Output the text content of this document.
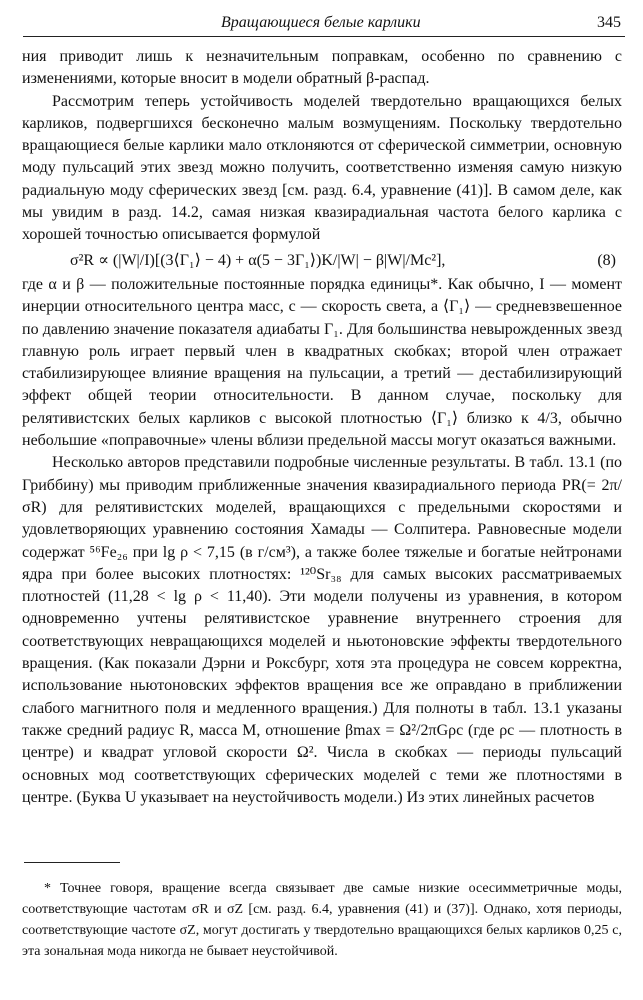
Вращающиеся белые карлики	345

ния приводит лишь к незначительным поправкам, особенно по сравнению с изменениями, которые вносит в модели обратный β-распад.

Рассмотрим теперь устойчивость моделей твердотельно вращающихся белых карликов, подвергшихся бесконечно малым возмущениям. Поскольку твердотельно вращающиеся белые карлики мало отклоняются от сферической симметрии, основную моду пульсаций этих звезд можно получить, соответственно изменяя самую низкую радиальную моду сферических звезд [см. разд. 6.4, уравнение (41)]. В самом деле, как мы увидим в разд. 14.2, самая низкая квазирадиальная частота белого карлика с хорошей точностью описывается формулой

σ²R ∝ (|W|/I)[(3⟨Γ₁⟩ − 4) + α(5 − 3Γ₁⟩)K/|W| − β|W|/Mc²],	(8)

где α и β — положительные постоянные порядка единицы*. Как обычно, I — момент инерции относительного центра масс, c — скорость света, а ⟨Γ₁⟩ — средневзвешенное по давлению значение показателя адиабаты Γ₁. Для большинства невырожденных звезд главную роль играет первый член в квадратных скобках; второй член отражает стабилизирующее влияние вращения на пульсации, а третий — дестабилизирующий эффект общей теории относительности. В данном случае, поскольку для релятивистских белых карликов с высокой плотностью ⟨Γ₁⟩ близко к 4/3, обычно небольшие «поправочные» члены вблизи предельной массы могут оказаться важными.

Несколько авторов представили подробные численные результаты. В табл. 13.1 (по Гриббину) мы приводим приближенные значения квазирадиального периода PR(= 2π/σR) для релятивистских моделей, вращающихся с предельными скоростями и удовлетворяющих уравнению состояния Хамады — Солпитера. Равновесные модели содержат ⁵⁶Fe₂₆ при lg ρ < 7,15 (в г/см³), а также более тяжелые и богатые нейтронами ядра при более высоких плотностях: ¹²⁰Sr₃₈ для самых высоких рассматриваемых плотностей (11,28 < lg ρ < 11,40). Эти модели получены из уравнения, в котором одновременно учтены релятивистское уравнение внутреннего строения для соответствующих невращающихся моделей и ньютоновские эффекты твердотельного вращения. (Как показали Дэрни и Роксбург, хотя эта процедура не совсем корректна, использование ньютоновских эффектов вращения все же оправдано в приближении слабого магнитного поля и медленного вращения.) Для полноты в табл. 13.1 указаны также средний радиус R, масса M, отношение βmax = Ω²/2πGρc (где ρc — плотность в центре) и квадрат угловой скорости Ω². Числа в скобках — периоды пульсаций основных мод соответствующих сферических моделей с теми же плотностями в центре. (Буква U указывает на неустойчивость модели.) Из этих линейных расчетов

* Точнее говоря, вращение всегда связывает две самые низкие осесимметричные моды, соответствующие частотам σR и σZ [см. разд. 6.4, уравнения (41) и (37)]. Однако, хотя периоды, соответствующие частоте σZ, могут достигать у твердотельно вращающихся белых карликов 0,25 с, эта зональная мода никогда не бывает неустойчивой.
